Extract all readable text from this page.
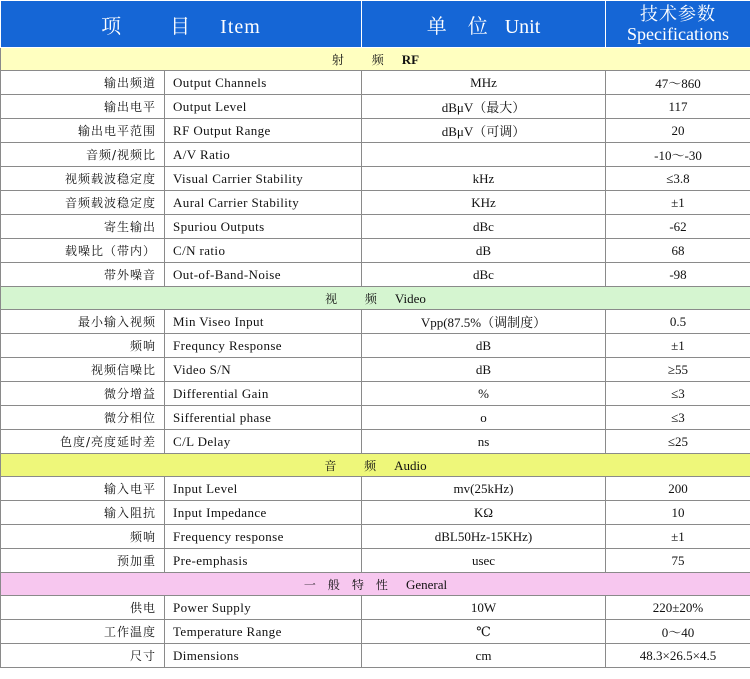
项 目 Item		单 位 Unit	技术参数
Specifications

射 频 RF			
输出频道	Output Channels	MHz	47～860
输出电平	Output Level	dBμV（最大）	117
输出电平范围	RF Output Range	dBμV（可调）	20
音频/视频比	A/V Ratio		-10～-30
视频载波稳定度	Visual Carrier Stability	kHz	≤3.8
音频载波稳定度	Aural Carrier Stability	KHz	±1
寄生输出	Spuriou Outputs	dBc	-62
载噪比（带内）	C/N ratio	dB	68
带外噪音	Out-of-Band-Noise	dBc	-98
视 频 Video			
最小输入视频	Min Viseo Input	Vpp(87.5%（调制度）	0.5
频响	Frequncy Response	dB	±1
视频信噪比	Video S/N	dB	≥55
微分增益	Differential Gain	%	≤3
微分相位	Sifferential phase	o	≤3
色度/亮度延时差	C/L Delay	ns	≤25
音 频 Audio			
输入电平	Input Level	mv(25kHz)	200
输入阻抗	Input Impedance	KΩ	10
频响	Frequency response	dBL50Hz-15KHz)	±1
预加重	Pre-emphasis	usec	75
一般特性 General			
供电	Power Supply	10W	220±20%
工作温度	Temperature Range	℃	0～40
尺寸	Dimensions	cm	48.3×26.5×4.5
